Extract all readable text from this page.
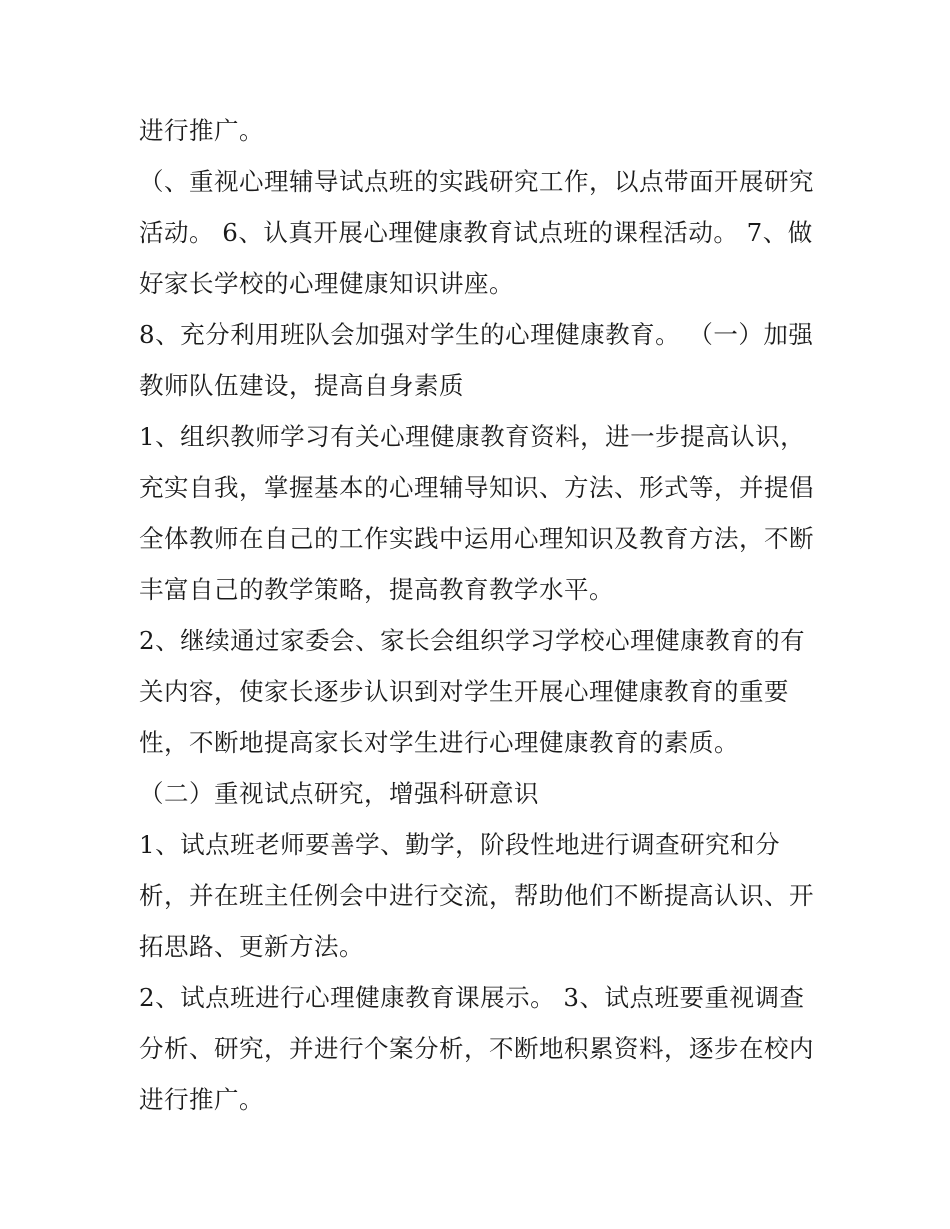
进行推广。
（、重视心理辅导试点班的实践研究工作，以点带面开展研究
活动。 6、认真开展心理健康教育试点班的课程活动。 7、做
好家长学校的心理健康知识讲座。
8、充分利用班队会加强对学生的心理健康教育。 （一）加强
教师队伍建设，提高自身素质
1、组织教师学习有关心理健康教育资料，进一步提高认识，
充实自我，掌握基本的心理辅导知识、方法、形式等，并提倡
全体教师在自己的工作实践中运用心理知识及教育方法，不断
丰富自己的教学策略，提高教育教学水平。
2、继续通过家委会、家长会组织学习学校心理健康教育的有
关内容，使家长逐步认识到对学生开展心理健康教育的重要
性，不断地提高家长对学生进行心理健康教育的素质。
（二）重视试点研究，增强科研意识
1、试点班老师要善学、勤学，阶段性地进行调查研究和分
析，并在班主任例会中进行交流，帮助他们不断提高认识、开
拓思路、更新方法。
2、试点班进行心理健康教育课展示。 3、试点班要重视调查
分析、研究，并进行个案分析，不断地积累资料，逐步在校内
进行推广。
